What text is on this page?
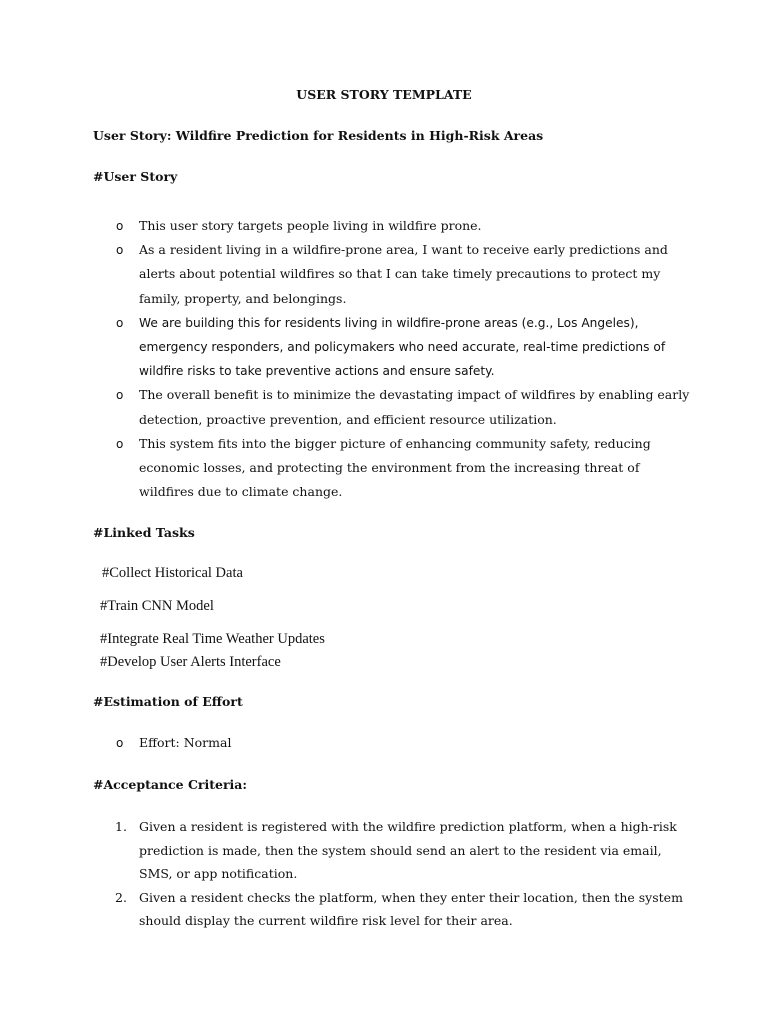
USER STORY TEMPLATE
User Story: Wildfire Prediction for Residents in High-Risk Areas
#User Story
o This user story targets people living in wildfire prone.
o As a resident living in a wildfire-prone area, I want to receive early predictions and alerts about potential wildfires so that I can take timely precautions to protect my family, property, and belongings.
o We are building this for residents living in wildfire-prone areas (e.g., Los Angeles), emergency responders, and policymakers who need accurate, real-time predictions of wildfire risks to take preventive actions and ensure safety.
o The overall benefit is to minimize the devastating impact of wildfires by enabling early detection, proactive prevention, and efficient resource utilization.
o This system fits into the bigger picture of enhancing community safety, reducing economic losses, and protecting the environment from the increasing threat of wildfires due to climate change.
#Linked Tasks
#Collect Historical Data
#Train CNN Model
#Integrate Real Time Weather Updates
#Develop User Alerts Interface
#Estimation of Effort
o Effort: Normal
#Acceptance Criteria:
1. Given a resident is registered with the wildfire prediction platform, when a high-risk prediction is made, then the system should send an alert to the resident via email, SMS, or app notification.
2. Given a resident checks the platform, when they enter their location, then the system should display the current wildfire risk level for their area.
